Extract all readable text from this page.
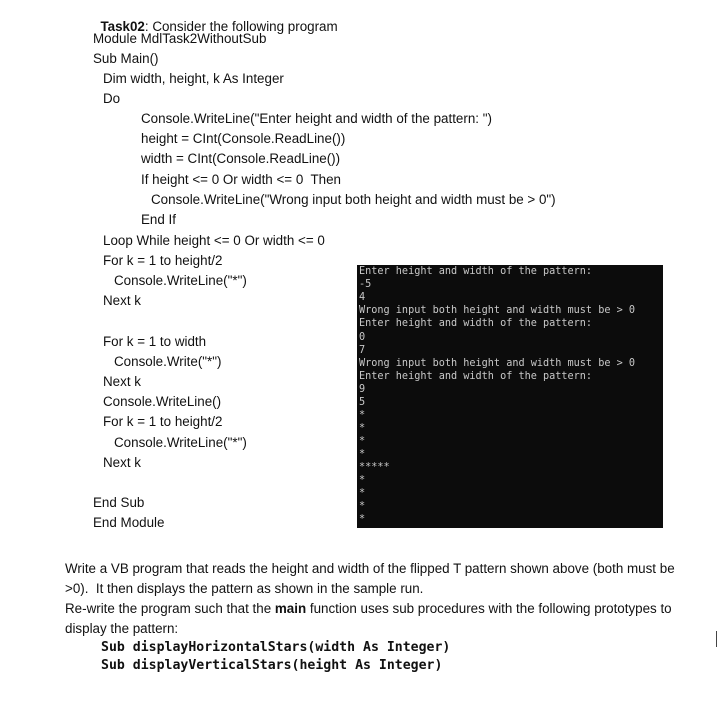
Task02: Consider the following program

Module MdlTask2WithoutSub
Sub Main()
Dim width, height, k As Integer
Do
Console.WriteLine("Enter height and width of the pattern: ")
height = CInt(Console.ReadLine())
width = CInt(Console.ReadLine())
If height <= 0 Or width <= 0  Then
Console.WriteLine("Wrong input both height and width must be > 0")
End If
Loop While height <= 0 Or width <= 0
For k = 1 to height/2
Console.WriteLine("*")
Next k
For k = 1 to width
Console.Write("*")
Next k
Console.WriteLine()
For k = 1 to height/2
Console.WriteLine("*")
Next k
End Sub
End Module
Enter height and width of the pattern:
-5
4
Wrong input both height and width must be > 0
Enter height and width of the pattern:
0
7
Wrong input both height and width must be > 0
Enter height and width of the pattern:
9
5
*
*
*
*
*****
*
*
*
*
Write a VB program that reads the height and width of the flipped T pattern shown above (both must be
>0).  It then displays the pattern as shown in the sample run.
Re-write the program such that the main function uses sub procedures with the following prototypes to
display the pattern:
Sub displayHorizontalStars(width As Integer)
Sub displayVerticalStars(height As Integer)
